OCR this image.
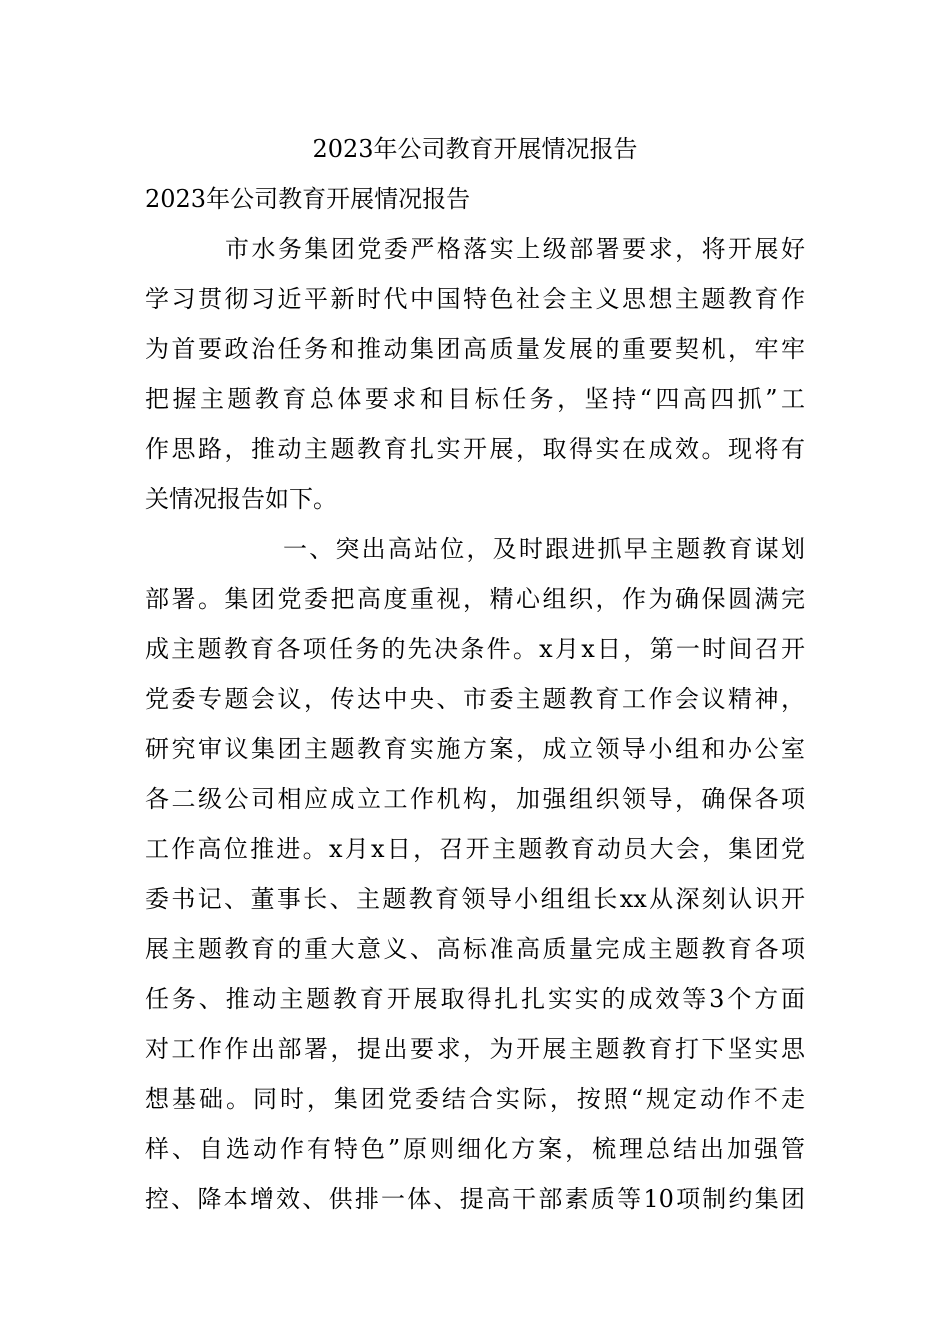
2023年公司教育开展情况报告
2023年公司教育开展情况报告

市水务集团党委严格落实上级部署要求，将开展好

学习贯彻习近平新时代中国特色社会主义思想主题教育作

为首要政治任务和推动集团高质量发展的重要契机，牢牢

把握主题教育总体要求和目标任务，坚持“四高四抓”工

作思路，推动主题教育扎实开展，取得实在成效。现将有

关情况报告如下。

一、突出高站位，及时跟进抓早主题教育谋划

部署。集团党委把高度重视，精心组织，作为确保圆满完

成主题教育各项任务的先决条件。x月x日，第一时间召开

党委专题会议，传达中央、市委主题教育工作会议精神，

研究审议集团主题教育实施方案，成立领导小组和办公室

各二级公司相应成立工作机构，加强组织领导，确保各项

工作高位推进。x月x日，召开主题教育动员大会，集团党

委书记、董事长、主题教育领导小组组长xx从深刻认识开

展主题教育的重大意义、高标准高质量完成主题教育各项

任务、推动主题教育开展取得扎扎实实的成效等3个方面

对工作作出部署，提出要求，为开展主题教育打下坚实思

想基础。同时，集团党委结合实际，按照“规定动作不走

样、自选动作有特色”原则细化方案，梳理总结出加强管

控、降本增效、供排一体、提高干部素质等10项制约集团
